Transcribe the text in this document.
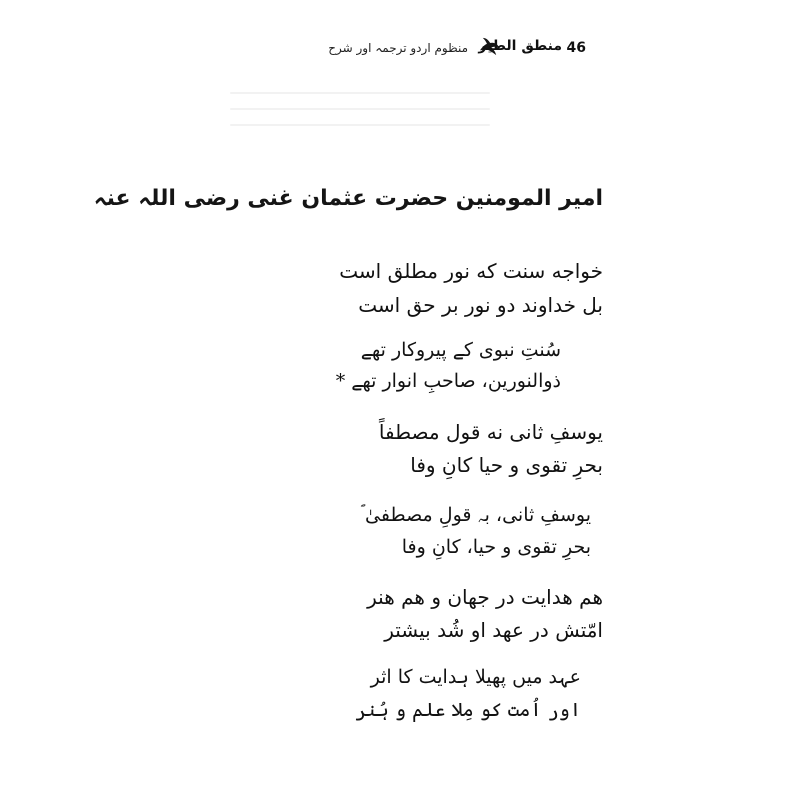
منظوم اردو ترجمہ اور شرح منطق الطیر 46
امیر المومنین حضرت عثمان غنی رضی اللہ عنہ
خواجه سنت که نور مطلق است
بل خداوند دو نور بر حق است
سُنتِ نبوی کے پیروکار تھے
ذوالنورین، صاحبِ انوار تھے *
یوسفِ ثانی نه قول مصطفاً
بحرِ تقوی و حیا کانِ وفا
یوسفِ ثانی، بہ قولِ مصطفیٰ ؐ
بحرِ تقوی و حیا، کانِ وفا
هم هدایت در جهان و هم هنر
امّتش در عهد او شُد بیشتر
عہد میں پھیلا ہدایت کا اثر
اور اُمت کو مِلا علم و ہُنر
